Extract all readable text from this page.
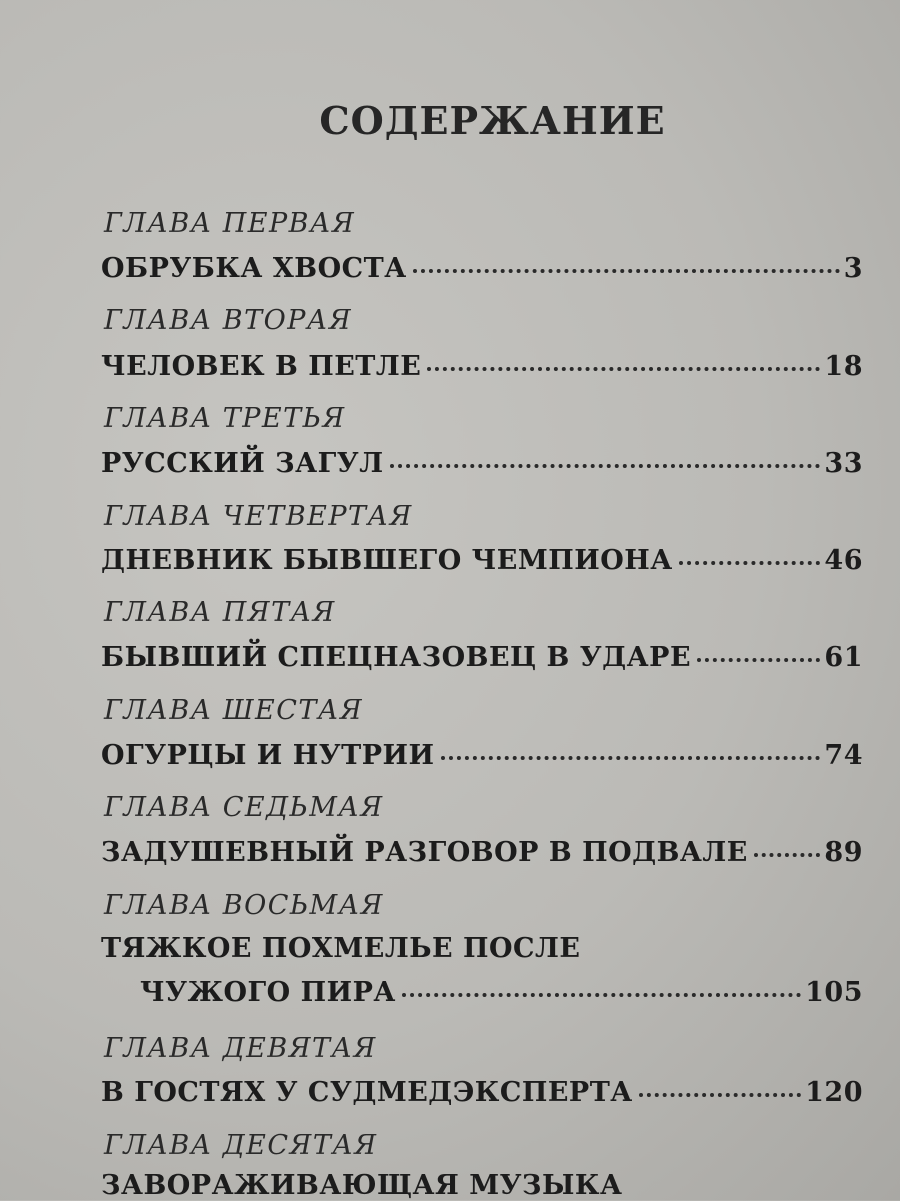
СОДЕРЖАНИЕ
ГЛАВА ПЕРВАЯ
ОБРУБКА ХВОСТА	3
ГЛАВА ВТОРАЯ
ЧЕЛОВЕК В ПЕТЛЕ	18
ГЛАВА ТРЕТЬЯ
РУССКИЙ ЗАГУЛ	33
ГЛАВА ЧЕТВЕРТАЯ
ДНЕВНИК БЫВШЕГО ЧЕМПИОНА	46
ГЛАВА ПЯТАЯ
БЫВШИЙ СПЕЦНАЗОВЕЦ В УДАРЕ	61
ГЛАВА ШЕСТАЯ
ОГУРЦЫ И НУТРИИ	74
ГЛАВА СЕДЬМАЯ
ЗАДУШЕВНЫЙ РАЗГОВОР В ПОДВАЛЕ	89
ГЛАВА ВОСЬМАЯ
ТЯЖКОЕ ПОХМЕЛЬЕ ПОСЛЕ
ЧУЖОГО ПИРА	105
ГЛАВА ДЕВЯТАЯ
В ГОСТЯХ У СУДМЕДЭКСПЕРТА	120
ГЛАВА ДЕСЯТАЯ
ЗАВОРАЖИВАЮЩАЯ МУЗЫКА
